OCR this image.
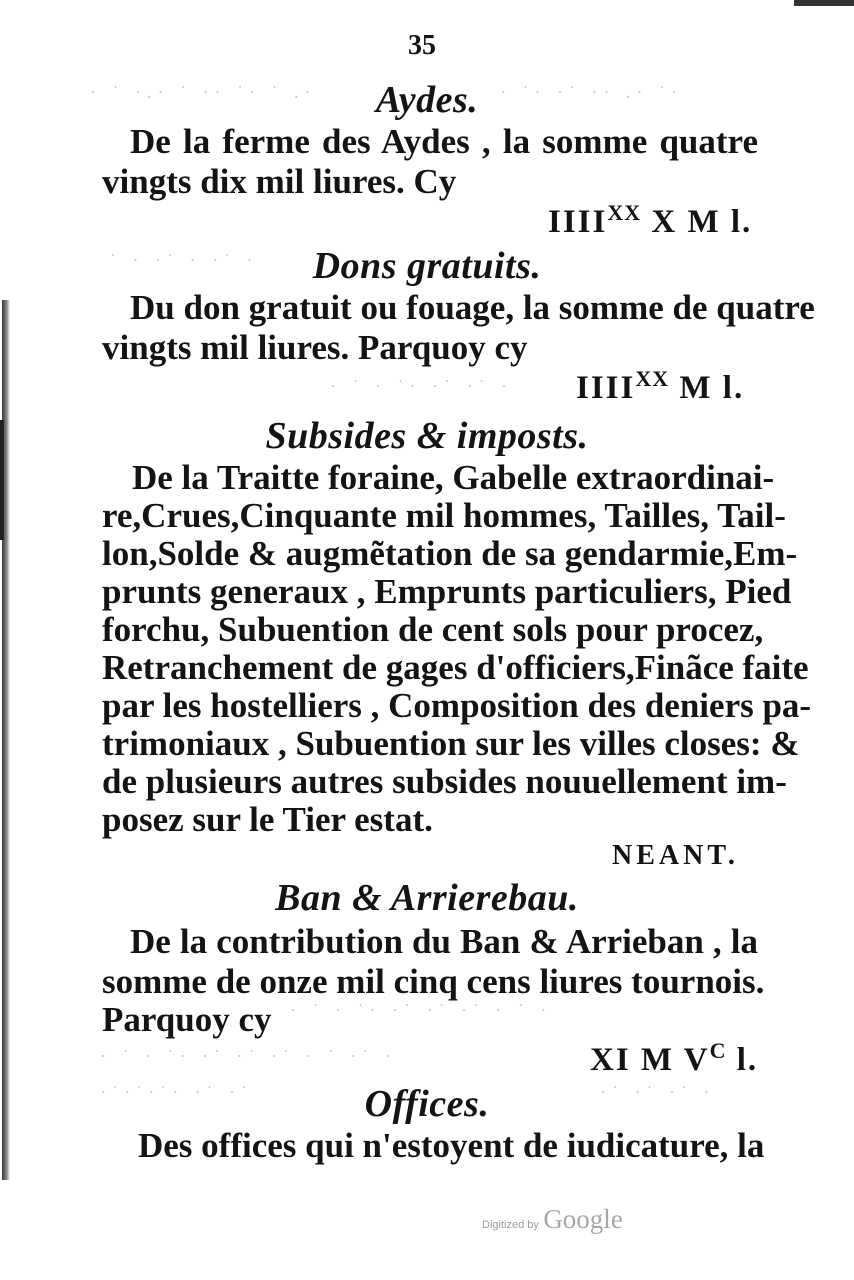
· ˙ ·.· ˙ ·· ˙· ˙ .·	· ˙· ·˙ ·· .· ˙·
˙ · ·˙ · ·˙ ·
· ˙ · ˙· ·˙ ·˙ ·
· ˙ · ˙· ·˙ ·˙ ·˙ · ˙ ·
· ˙ · ˙· ·˙ ·˙ ·˙ · ˙ ·˙ ·
·˙·˙·˙· ·˙ ·˙	·˙ ·˙ ·˙ ·
35
Aydes.
De la ferme des Aydes , la somme quatre
vingts dix mil liures. Cy
$IIII^{XX}$ X M l.
Dons gratuits.
Du don gratuit ou fouage, la somme de quatre
vingts mil liures. Parquoy cy
$IIII^{XX}$ M l.
Subsides & imposts.
De la Traitte foraine, Gabelle extraordinai-
re,Crues,Cinquante mil hommes, Tailles, Tail-
lon,Solde & augmẽtation de sa gendarmie,Em-
prunts generaux , Emprunts particuliers, Pied
forchu, Subuention de cent sols pour procez,
Retranchement de gages d'officiers,Finãce faite
par les hostelliers , Composition des deniers pa-
trimoniaux , Subuention sur les villes closes: &
de plusieurs autres subsides nouuellement im-
posez sur le Tier estat.
NEANT.
Ban & Arrierebau.
De la contribution du Ban & Arrieban , la
somme de onze mil cinq cens liures tournois.
Parquoy cy
XI M $V^C$ l.
Offices.
Des offices qui n'estoyent de iudicature, la
Digitized by Google
